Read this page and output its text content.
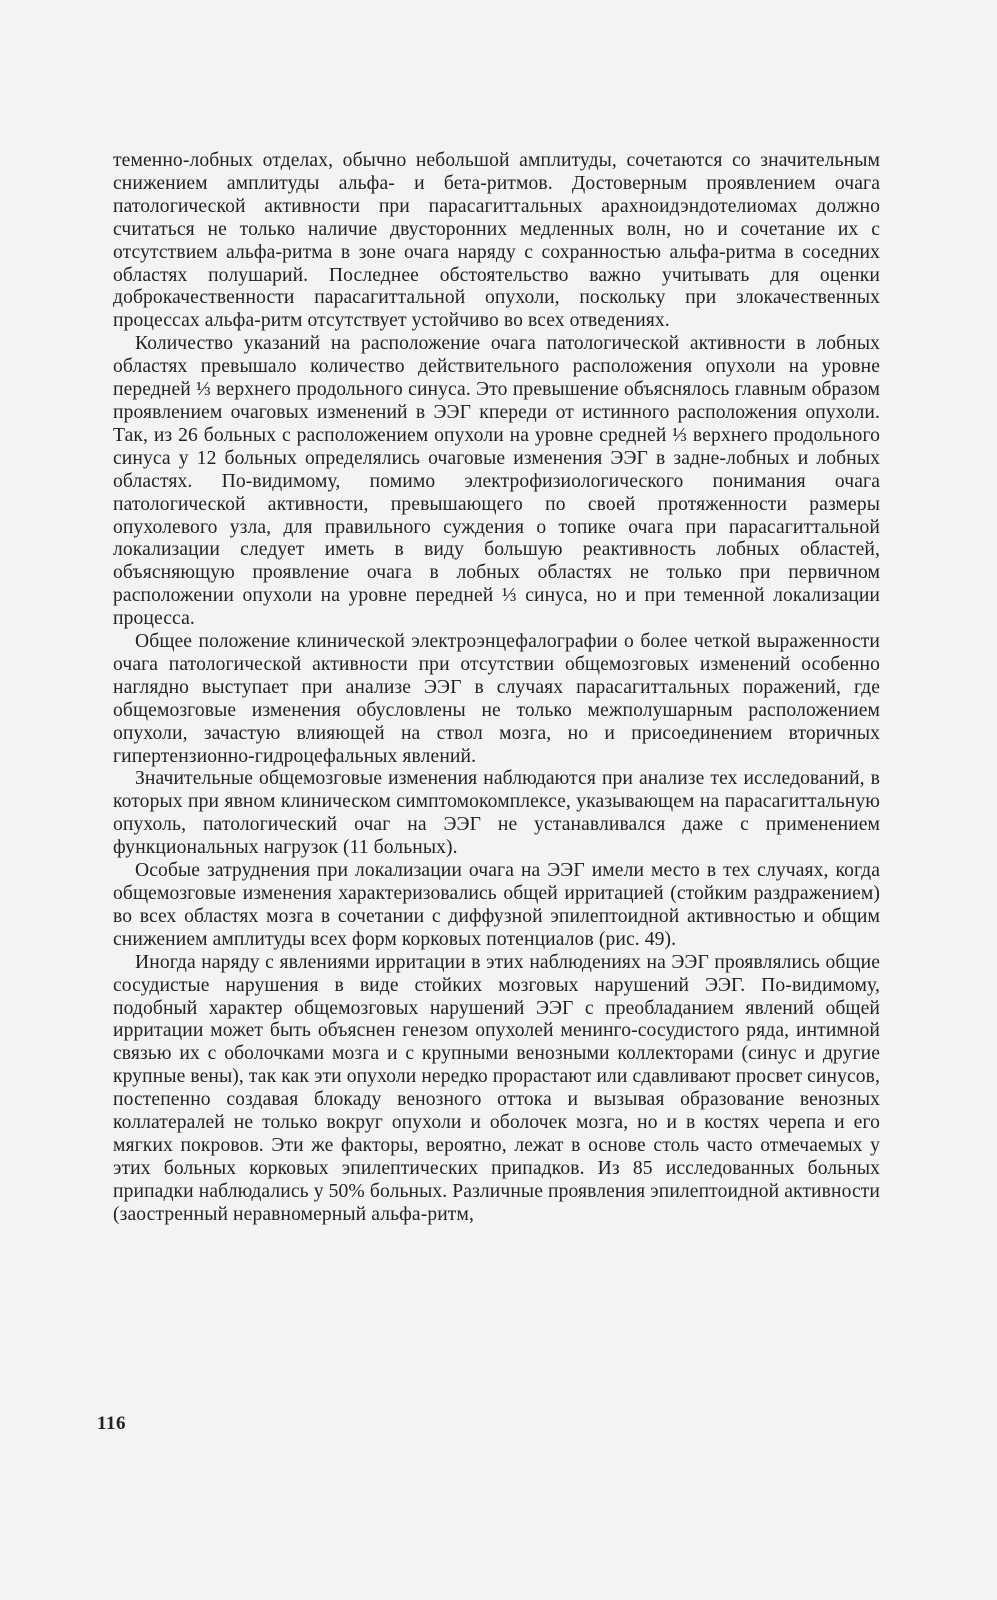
теменно-лобных отделах, обычно небольшой амплитуды, сочетаются со значительным снижением амплитуды альфа- и бета-ритмов. Достоверным проявлением очага патологической активности при парасагиттальных арахноидэндотелиомах должно считаться не только наличие двусторонних медленных волн, но и сочетание их с отсутствием альфа-ритма в зоне очага наряду с сохранностью альфа-ритма в соседних областях полушарий. Последнее обстоятельство важно учитывать для оценки доброкачественности парасагиттальной опухоли, поскольку при злокачественных процессах альфа-ритм отсутствует устойчиво во всех отведениях.

Количество указаний на расположение очага патологической активности в лобных областях превышало количество действительного расположения опухоли на уровне передней ⅓ верхнего продольного синуса. Это превышение объяснялось главным образом проявлением очаговых изменений в ЭЭГ кпереди от истинного расположения опухоли. Так, из 26 больных с расположением опухоли на уровне средней ⅓ верхнего продольного синуса у 12 больных определялись очаговые изменения ЭЭГ в задне-лобных и лобных областях. По-видимому, помимо электрофизиологического понимания очага патологической активности, превышающего по своей протяженности размеры опухолевого узла, для правильного суждения о топике очага при парасагиттальной локализации следует иметь в виду большую реактивность лобных областей, объясняющую проявление очага в лобных областях не только при первичном расположении опухоли на уровне передней ⅓ синуса, но и при теменной локализации процесса.

Общее положение клинической электроэнцефалографии о более четкой выраженности очага патологической активности при отсутствии общемозговых изменений особенно наглядно выступает при анализе ЭЭГ в случаях парасагиттальных поражений, где общемозговые изменения обусловлены не только межполушарным расположением опухоли, зачастую влияющей на ствол мозга, но и присоединением вторичных гипертензионно-гидроцефальных явлений.

Значительные общемозговые изменения наблюдаются при анализе тех исследований, в которых при явном клиническом симптомокомплексе, указывающем на парасагиттальную опухоль, патологический очаг на ЭЭГ не устанавливался даже с применением функциональных нагрузок (11 больных).

Особые затруднения при локализации очага на ЭЭГ имели место в тех случаях, когда общемозговые изменения характеризовались общей ирритацией (стойким раздражением) во всех областях мозга в сочетании с диффузной эпилептоидной активностью и общим снижением амплитуды всех форм корковых потенциалов (рис. 49).

Иногда наряду с явлениями ирритации в этих наблюдениях на ЭЭГ проявлялись общие сосудистые нарушения в виде стойких мозговых нарушений ЭЭГ. По-видимому, подобный характер общемозговых нарушений ЭЭГ с преобладанием явлений общей ирритации может быть объяснен генезом опухолей менинго-сосудистого ряда, интимной связью их с оболочками мозга и с крупными венозными коллекторами (синус и другие крупные вены), так как эти опухоли нередко прорастают или сдавливают просвет синусов, постепенно создавая блокаду венозного оттока и вызывая образование венозных коллатералей не только вокруг опухоли и оболочек мозга, но и в костях черепа и его мягких покровов. Эти же факторы, вероятно, лежат в основе столь часто отмечаемых у этих больных корковых эпилептических припадков. Из 85 исследованных больных припадки наблюдались у 50% больных. Различные проявления эпилептоидной активности (заостренный неравномерный альфа-ритм,

116
